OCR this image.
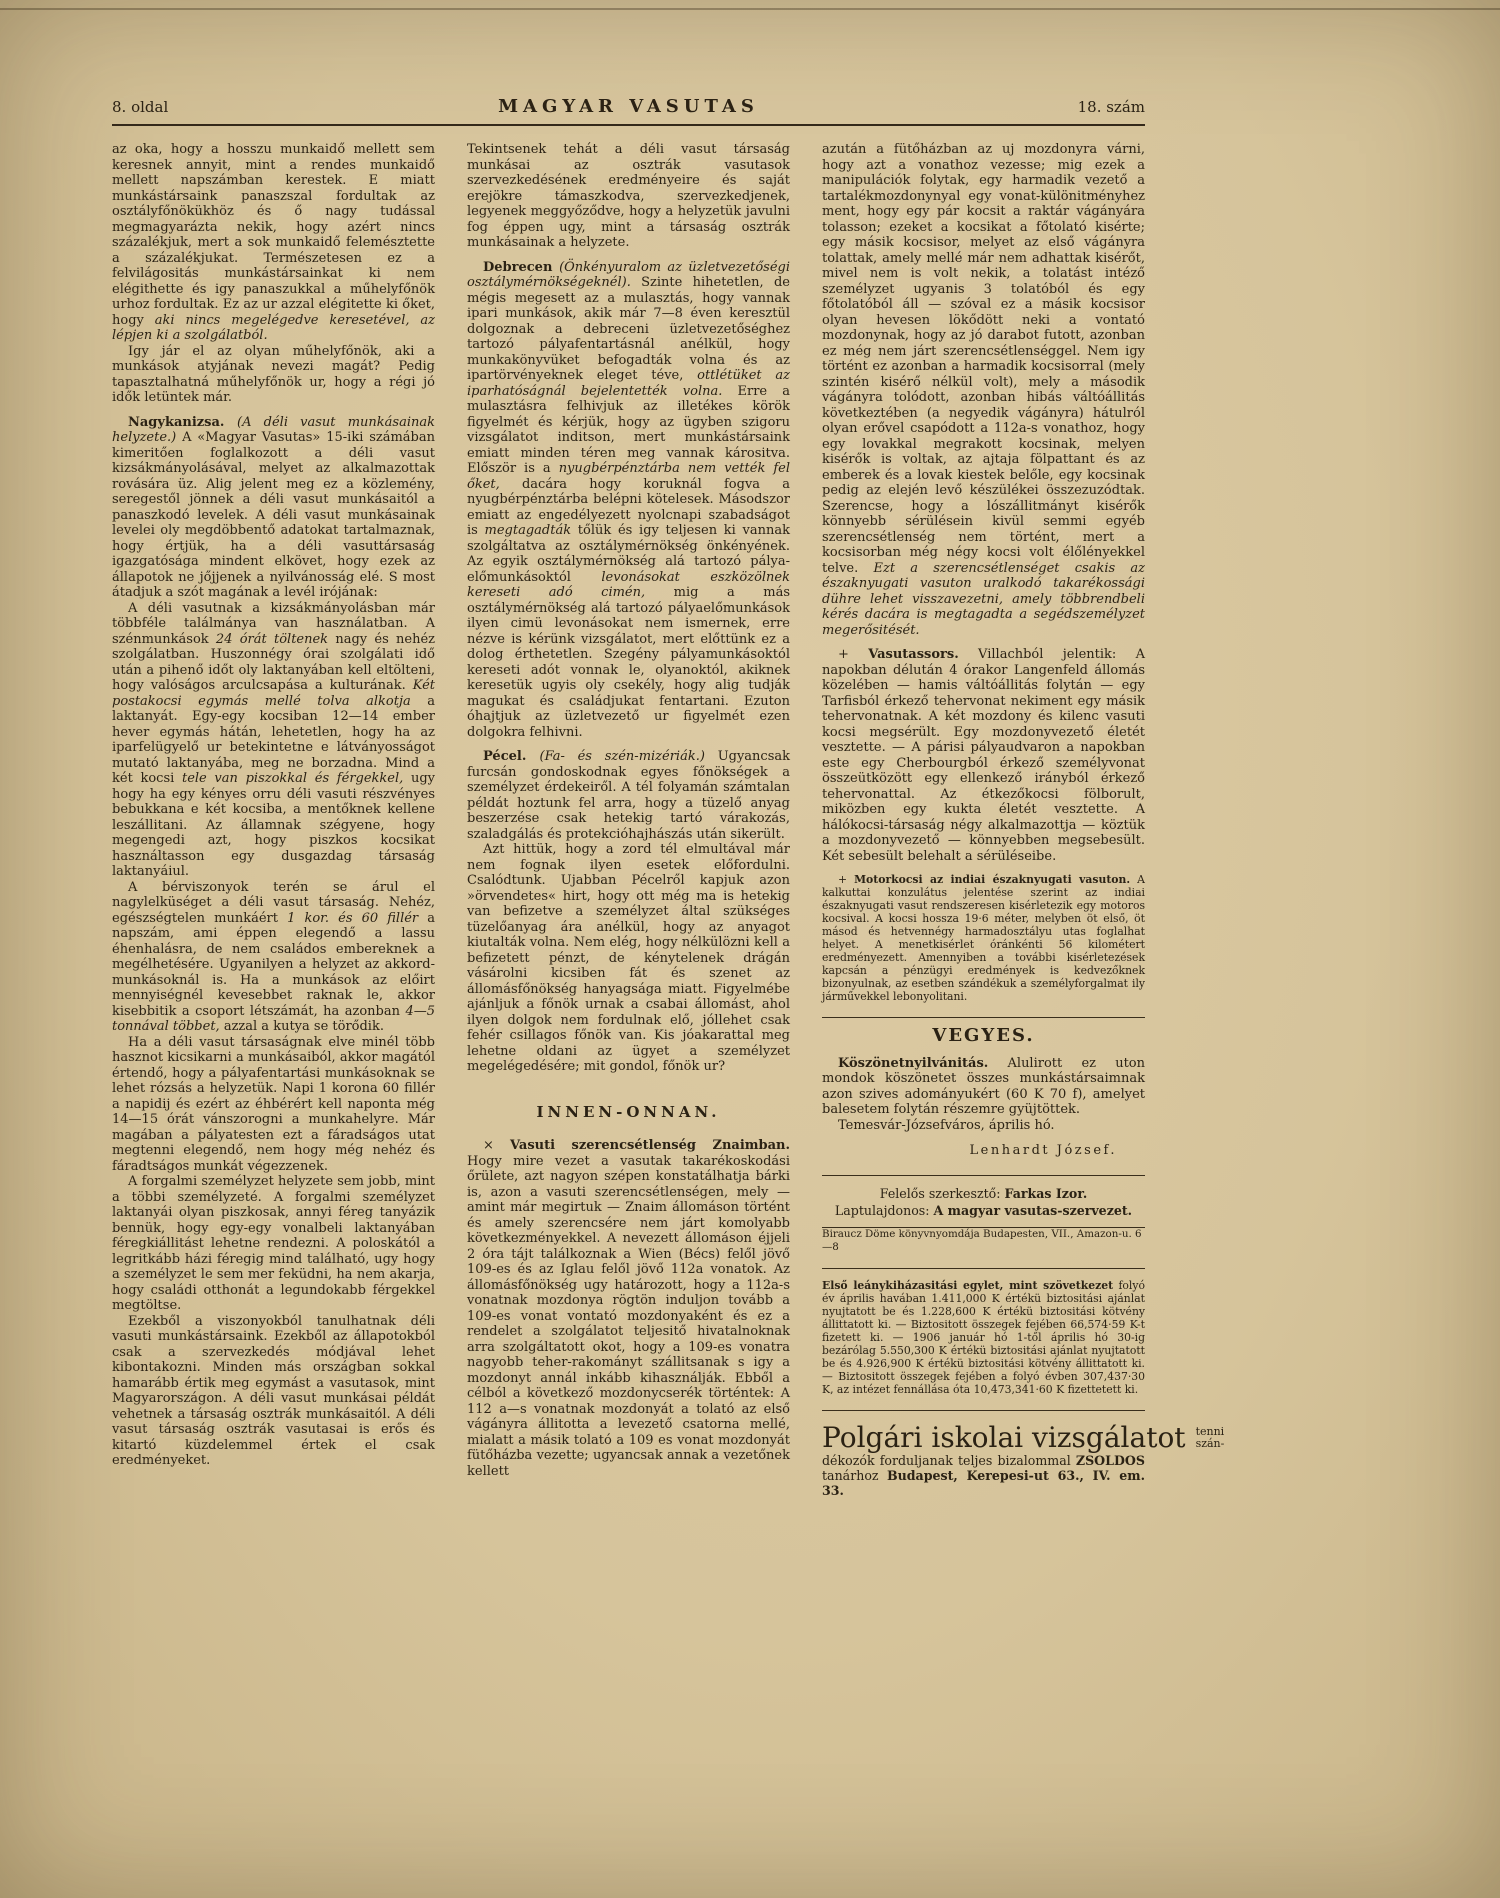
8. oldal	MAGYAR VASUTAS	18. szám

az oka, hogy a hosszu munkaidő mellett sem keresnek annyit, mint a rendes munkaidő mellett napszámban kerestek. E miatt munkástársaink panaszszal fordultak az osztályfőnökükhöz és ő nagy tudással megmagyarázta nekik, hogy azért nincs százalékjuk, mert a sok munkaidő felemésztette a százalékjukat. Természetesen ez a felvilágositás munkástársainkat ki nem elégithette és igy panaszukkal a műhelyfőnök urhoz fordultak. Ez az ur azzal elégitette ki őket, hogy aki nincs megelégedve keresetével, az lépjen ki a szolgálatból.

Igy jár el az olyan műhelyfőnök, aki a munkások atyjának nevezi magát? Pedig tapasztalhatná műhelyfőnök ur, hogy a régi jó idők letüntek már.

Nagykanizsa. (A déli vasut munkásainak helyzete.) A «Magyar Vasutas» 15-iki számában kimeritően foglalkozott a déli vasut kizsákmányolásával, melyet az alkalmazottak rovására üz. Alig jelent meg ez a közlemény, seregestől jönnek a déli vasut munkásaitól a panaszkodó levelek. A déli vasut munkásainak levelei oly megdöbbentő adatokat tartalmaznak, hogy értjük, ha a déli vasuttársaság igazgatósága mindent elkövet, hogy ezek az állapotok ne jőjjenek a nyilvánosság elé. S most átadjuk a szót magának a levél irójának:

A déli vasutnak a kizsákmányolásban már többféle találmánya van használatban. A szénmunkások 24 órát töltenek nagy és nehéz szolgálatban. Huszonnégy órai szolgálati idő után a pihenő időt oly laktanyában kell eltölteni, hogy valóságos arculcsapása a kulturának. Két postakocsi egymás mellé tolva alkotja a laktanyát. Egy-egy kocsiban 12—14 ember hever egymás hátán, lehetetlen, hogy ha az iparfelügyelő ur betekintetne e látványosságot mutató laktanyába, meg ne borzadna. Mind a két kocsi tele van piszokkal és férgekkel, ugy hogy ha egy kényes orru déli vasuti részvényes bebukkana e két kocsiba, a mentőknek kellene leszállitani. Az államnak szégyene, hogy megengedi azt, hogy piszkos kocsikat használtasson egy dusgazdag társaság laktanyáiul.

A bérviszonyok terén se árul el nagylelküséget a déli vasut társaság. Nehéz, egészségtelen munkáért 1 kor. és 60 fillér a napszám, ami éppen elegendő a lassu éhenhalásra, de nem családos embereknek a megélhetésére. Ugyanilyen a helyzet az akkord-munkásoknál is. Ha a munkások az előirt mennyiségnél kevesebbet raknak le, akkor kisebbitik a csoport létszámát, ha azonban 4—5 tonnával többet, azzal a kutya se törődik.

Ha a déli vasut társaságnak elve minél több hasznot kicsikarni a munkásaiból, akkor magától értendő, hogy a pályafentartási munkásoknak se lehet rózsás a helyzetük. Napi 1 korona 60 fillér a napidij és ezért az éhbérért kell naponta még 14—15 órát vánszorogni a munkahelyre. Már magában a pályatesten ezt a fáradságos utat megtenni elegendő, nem hogy még nehéz és fáradtságos munkát végezzenek.

A forgalmi személyzet helyzete sem jobb, mint a többi személyzeté. A forgalmi személyzet laktanyái olyan piszkosak, annyi féreg tanyázik bennük, hogy egy-egy vonalbeli laktanyában féregkiállitást lehetne rendezni. A poloskától a legritkább házi féregig mind található, ugy hogy a személyzet le sem mer feküdni, ha nem akarja, hogy családi otthonát a legundokabb férgekkel megtöltse.

Ezekből a viszonyokból tanulhatnak déli vasuti munkástársaink. Ezekből az állapotokból csak a szervezkedés módjával lehet kibontakozni. Minden más országban sokkal hamarább értik meg egymást a vasutasok, mint Magyarországon. A déli vasut munkásai példát vehetnek a társaság osztrák munkásaitól. A déli vasut társaság osztrák vasutasai is erős és kitartó küzdelemmel értek el csak eredményeket.

Tekintsenek tehát a déli vasut társaság munkásai az osztrák vasutasok szervezkedésének eredményeire és saját erejökre támaszkodva, szervezkedjenek, legyenek meggyőződve, hogy a helyzetük javulni fog éppen ugy, mint a társaság osztrák munkásainak a helyzete.

Debrecen (Önkényuralom az üzletvezetőségi osztálymérnökségeknél). Szinte hihetetlen, de mégis megesett az a mulasztás, hogy vannak ipari munkások, akik már 7—8 éven keresztül dolgoznak a debreceni üzletvezetőséghez tartozó pályafentartásnál anélkül, hogy munkakönyvüket befogadták volna és az ipartörvényeknek eleget téve, ottlétüket az iparhatóságnál bejelentették volna. Erre a mulasztásra felhivjuk az illetékes körök figyelmét és kérjük, hogy az ügyben szigoru vizsgálatot inditson, mert munkástársaink emiatt minden téren meg vannak kárositva. Először is a nyugbérpénztárba nem vették fel őket, dacára hogy koruknál fogva a nyugbérpénztárba belépni kötelesek. Másodszor emiatt az engedélyezett nyolcnapi szabadságot is megtagadták tőlük és igy teljesen ki vannak szolgáltatva az osztálymérnökség önkényének. Az egyik osztálymérnökség alá tartozó pálya-előmunkásoktól levonásokat eszközölnek kereseti adó cimén, mig a más osztálymérnökség alá tartozó pályaelőmunkások ilyen cimü levonásokat nem ismernek, erre nézve is kérünk vizsgálatot, mert előttünk ez a dolog érthetetlen. Szegény pályamunkásoktól kereseti adót vonnak le, olyanoktól, akiknek keresetük ugyis oly csekély, hogy alig tudják magukat és családjukat fentartani. Ezuton óhajtjuk az üzletvezető ur figyelmét ezen dolgokra felhivni.

Pécel. (Fa- és szén-mizériák.) Ugyancsak furcsán gondoskodnak egyes főnökségek a személyzet érdekeiről. A tél folyamán számtalan példát hoztunk fel arra, hogy a tüzelő anyag beszerzése csak hetekig tartó várakozás, szaladgálás és protekcióhajhászás után sikerült.

Azt hittük, hogy a zord tél elmultával már nem fognak ilyen esetek előfordulni. Csalódtunk. Ujabban Pécelről kapjuk azon »örvendetes« hirt, hogy ott még ma is hetekig van befizetve a személyzet által szükséges tüzelőanyag ára anélkül, hogy az anyagot kiutalták volna. Nem elég, hogy nélkülözni kell a befizetett pénzt, de kénytelenek drágán vásárolni kicsiben fát és szenet az állomásfőnökség hanyagsága miatt. Figyelmébe ajánljuk a főnök urnak a csabai állomást, ahol ilyen dolgok nem fordulnak elő, jóllehet csak fehér csillagos főnök van. Kis jóakarattal meg lehetne oldani az ügyet a személyzet megelégedésére; mit gondol, főnök ur?

INNEN-ONNAN.

× Vasuti szerencsétlenség Znaimban. Hogy mire vezet a vasutak takarékoskodási őrülete, azt nagyon szépen konstatálhatja bárki is, azon a vasuti szerencsétlenségen, mely — amint már megirtuk — Znaim állomáson történt és amely szerencsére nem járt komolyabb következményekkel. A nevezett állomáson éjjeli 2 óra tájt találkoznak a Wien (Bécs) felől jövő 109-es és az Iglau felől jövő 112a vonatok. Az állomásfőnökség ugy határozott, hogy a 112a-s vonatnak mozdonya rögtön induljon tovább a 109-es vonat vontató mozdonyaként és ez a rendelet a szolgálatot teljesitő hivatalnoknak arra szolgáltatott okot, hogy a 109-es vonatra nagyobb teher-rakományt szállitsanak s igy a mozdonyt annál inkább kihasználják. Ebből a célból a következő mozdonycserék történtek: A 112 a—s vonatnak mozdonyát a tolató az első vágányra állitotta a levezető csatorna mellé, mialatt a másik tolató a 109 es vonat mozdonyát fütőházba vezette; ugyancsak annak a vezetőnek kellett

azután a fütőházban az uj mozdonyra várni, hogy azt a vonathoz vezesse; mig ezek a manipulációk folytak, egy harmadik vezető a tartalékmozdonynyal egy vonat-különitményhez ment, hogy egy pár kocsit a raktár vágányára tolasson; ezeket a kocsikat a főtolató kisérte; egy másik kocsisor, melyet az első vágányra tolattak, amely mellé már nem adhattak kisérőt, mivel nem is volt nekik, a tolatást intéző személyzet ugyanis 3 tolatóból és egy főtolatóból áll — szóval ez a másik kocsisor olyan hevesen lökődött neki a vontató mozdonynak, hogy az jó darabot futott, azonban ez még nem járt szerencsétlenséggel. Nem igy történt ez azonban a harmadik kocsisorral (mely szintén kisérő nélkül volt), mely a második vágányra tolódott, azonban hibás váltóállitás következtében (a negyedik vágányra) hátulról olyan erővel csapódott a 112a-s vonathoz, hogy egy lovakkal megrakott kocsinak, melyen kisérők is voltak, az ajtaja fölpattant és az emberek és a lovak kiestek belőle, egy kocsinak pedig az elején levő készülékei összezuzódtak. Szerencse, hogy a lószállitmányt kisérők könnyebb sérülésein kivül semmi egyéb szerencsétlenség nem történt, mert a kocsisorban még négy kocsi volt élőlényekkel telve. Ezt a szerencsétlenséget csakis az északnyugati vasuton uralkodó takarékossági dühre lehet visszavezetni, amely többrendbeli kérés dacára is megtagadta a segédszemélyzet megerősitését.

+ Vasutassors. Villachból jelentik: A napokban délután 4 órakor Langenfeld állomás közelében — hamis váltóállitás folytán — egy Tarfisból érkező tehervonat nekiment egy másik tehervonatnak. A két mozdony és kilenc vasuti kocsi megsérült. Egy mozdonyvezető életét vesztette. — A párisi pályaudvaron a napokban este egy Cherbourgból érkező személyvonat összeütközött egy ellenkező irányból érkező tehervonattal. Az étkezőkocsi fölborult, miközben egy kukta életét vesztette. A hálókocsi-társaság négy alkalmazottja — köztük a mozdonyvezető — könnyebben megsebesült. Két sebesült belehalt a sérüléseibe.

+ Motorkocsi az indiai északnyugati vasuton. A kalkuttai konzulátus jelentése szerint az indiai északnyugati vasut rendszeresen kisérletezik egy motoros kocsival. A kocsi hossza 19·6 méter, melyben öt első, öt másod és hetvennégy harmadosztályu utas foglalhat helyet. A menetkisérlet óránkénti 56 kilométert eredményezett. Amennyiben a további kisérletezések kapcsán a pénzügyi eredmények is kedvezőknek bizonyulnak, az esetben szándékuk a személyforgalmat ily járművekkel lebonyolitani.

VEGYES.

Köszönetnyilvánitás. Alulirott ez uton mondok köszönetet összes munkástársaimnak azon szives adományukért (60 K 70 f), amelyet balesetem folytán részemre gyüjtöttek.

Temesvár-Józsefváros, április hó.

Lenhardt József.
Felelős szerkesztő: Farkas Izor.
Laptulajdonos: A magyar vasutas-szervezet.

Biraucz Döme könyvnyomdája Budapesten, VII., Amazon-u. 6—8

Első leánykiházasitási egylet, mint szövetkezet folyó év április havában 1.411,000 K értékü biztositási ajánlat nyujtatott be és 1.228,600 K értékü biztositási kötvény állittatott ki. — Biztositott összegek fejében 66,574·59 K-t fizetett ki. — 1906 január hó 1-től április hó 30-ig bezárólag 5.550,300 K értékü biztositási ajánlat nyujtatott be és 4.926,900 K értékü biztositási kötvény állittatott ki. — Biztositott összegek fejében a folyó évben 307,437·30 K, az intézet fennállása óta 10,473,341·60 K fizettetett ki.

Polgári iskolai vizsgálatot tenni
szán-

dékozók forduljanak teljes bizalommal ZSOLDOS tanárhoz Budapest, Kerepesi-ut 63., IV. em. 33.
